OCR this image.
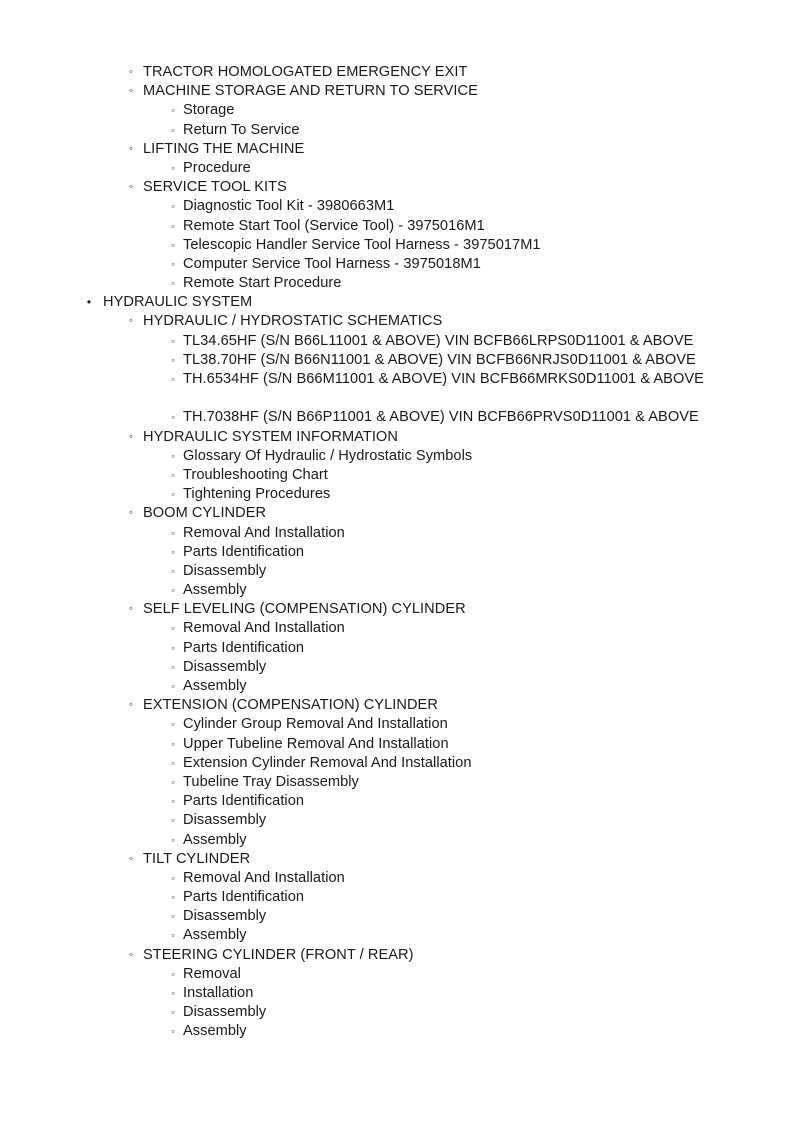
◦ TRACTOR HOMOLOGATED EMERGENCY EXIT
◦ MACHINE STORAGE AND RETURN TO SERVICE
▫ Storage
▫ Return To Service
◦ LIFTING THE MACHINE
▫ Procedure
◦ SERVICE TOOL KITS
▫ Diagnostic Tool Kit - 3980663M1
▫ Remote Start Tool (Service Tool) - 3975016M1
▫ Telescopic Handler Service Tool Harness - 3975017M1
▫ Computer Service Tool Harness - 3975018M1
▫ Remote Start Procedure
• HYDRAULIC SYSTEM
◦ HYDRAULIC / HYDROSTATIC SCHEMATICS
▫ TL34.65HF (S/N B66L11001 & ABOVE) VIN BCFB66LRPS0D11001 & ABOVE
▫ TL38.70HF (S/N B66N11001 & ABOVE) VIN BCFB66NRJS0D11001 & ABOVE
▫ TH.6534HF (S/N B66M11001 & ABOVE) VIN BCFB66MRKS0D11001 & ABOVE
▫ TH.7038HF (S/N B66P11001 & ABOVE) VIN BCFB66PRVS0D11001 & ABOVE
◦ HYDRAULIC SYSTEM INFORMATION
▫ Glossary Of Hydraulic / Hydrostatic Symbols
▫ Troubleshooting Chart
▫ Tightening Procedures
◦ BOOM CYLINDER
▫ Removal And Installation
▫ Parts Identification
▫ Disassembly
▫ Assembly
◦ SELF LEVELING (COMPENSATION) CYLINDER
▫ Removal And Installation
▫ Parts Identification
▫ Disassembly
▫ Assembly
◦ EXTENSION (COMPENSATION) CYLINDER
▫ Cylinder Group Removal And Installation
▫ Upper Tubeline Removal And Installation
▫ Extension Cylinder Removal And Installation
▫ Tubeline Tray Disassembly
▫ Parts Identification
▫ Disassembly
▫ Assembly
◦ TILT CYLINDER
▫ Removal And Installation
▫ Parts Identification
▫ Disassembly
▫ Assembly
◦ STEERING CYLINDER (FRONT / REAR)
▫ Removal
▫ Installation
▫ Disassembly
▫ Assembly
